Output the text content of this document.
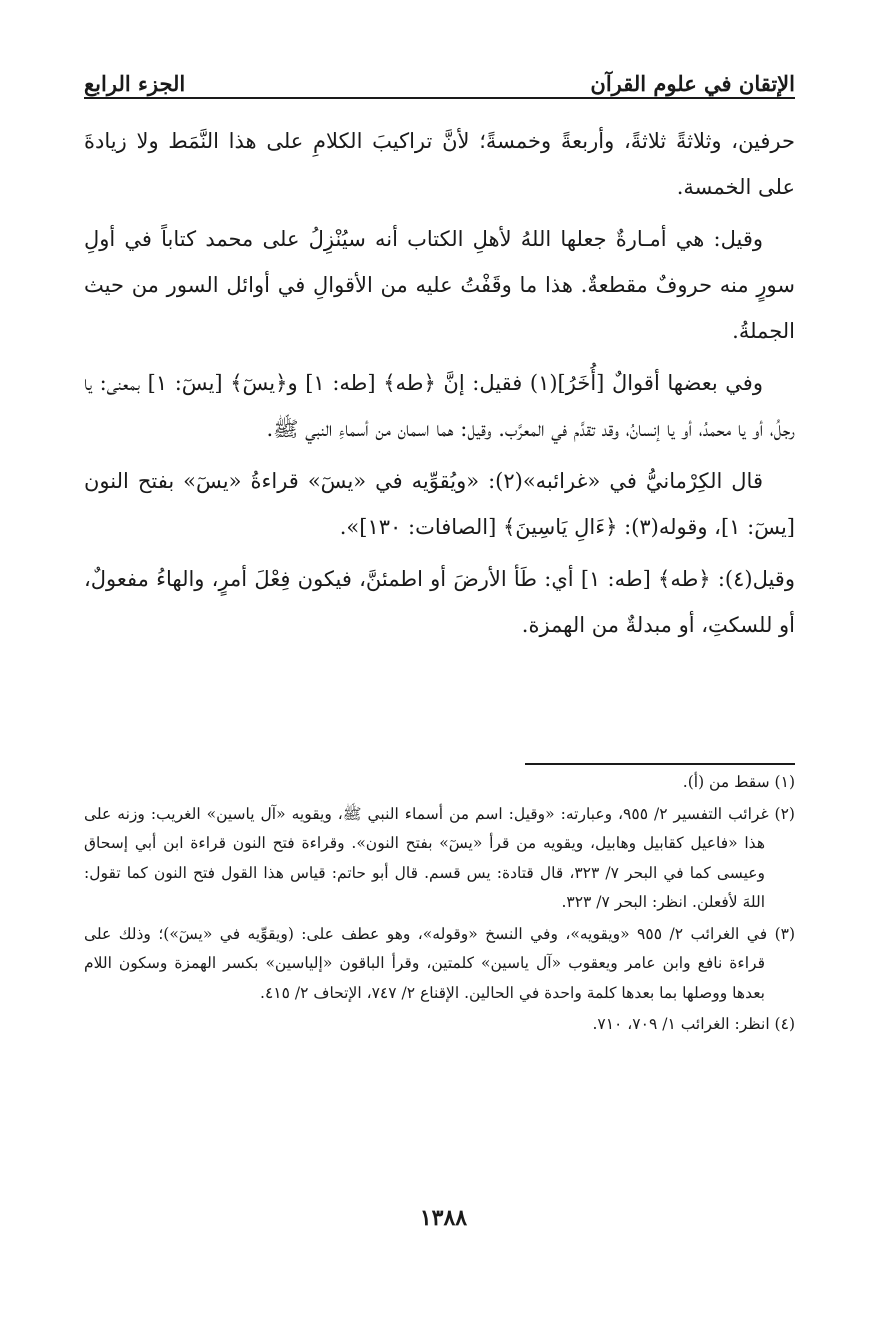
الإتقان في علوم القرآن
الجزء الرابع

حرفين، وثلاثةً ثلاثةً، وأربعةً وخمسةً؛ لأنَّ تراكيبَ الكلامِ على هذا النَّمَط ولا زيادةَ على الخمسة.

وقيل: هي أمـارةٌ جعلها اللهُ لأهلِ الكتاب أنه سيُنْزِلُ على محمد كتاباً في أولِ سورٍ منه حروفٌ مقطعةٌ. هذا ما وقَفْتُ عليه من الأقوالِ في أوائل السور من حيث الجملةُ.

وفي بعضها أقوالٌ [أُخَرُ](١) فقيل: إنَّ ﴿طه﴾ [طه: ١] و﴿يسٓ﴾ [يسٓ: ١] بمعنى: يا رجلُ، أو يا محمدُ، أو يا إنسانُ، وقد تقدَّم في المعرَّب. وقيل: هما اسمان من أسماءِ النبي ﷺ.

قال الكِرْمانيُّ في «غرائبه»(٢): «ويُقوِّيه في «يسٓ» قراءةُ «يسٓ» بفتح النون [يسٓ: ١]، وقوله(٣): ﴿ءَالِ يَاسِينَ﴾ [الصافات: ١٣٠]».

وقيل(٤): ﴿طه﴾ [طه: ١] أي: طَأ الأرضَ أو اطمئنَّ، فيكون فِعْلَ أمرٍ، والهاءُ مفعولٌ، أو للسكتِ، أو مبدلةٌ من الهمزة.

(١) سقط من (أ).

(٢) غرائب التفسير ٢/ ٩٥٥، وعبارته: «وقيل: اسم من أسماء النبي ﷺ، ويقويه «آل ياسين» الغريب: وزنه على هذا «فاعيل كقابيل وهابيل، ويقويه من قرأ «يسٓ» بفتح النون». وقراءة فتح النون قراءة ابن أبي إسحاق وعيسى كما في البحر ٧/ ٣٢٣، قال قتادة: يس قسم. قال أبو حاتم: قياس هذا القول فتح النون كما تقول: اللهَ لأفعلن. انظر: البحر ٧/ ٣٢٣.

(٣) في الغرائب ٢/ ٩٥٥ «ويقويه»، وفي النسخ «وقوله»، وهو عطف على: (ويقوِّيه في «يسٓ»)؛ وذلك على قراءة نافع وابن عامر ويعقوب «آل ياسين» كلمتين، وقرأ الباقون «إلياسين» بكسر الهمزة وسكون اللام بعدها ووصلها بما بعدها كلمة واحدة في الحالين. الإقناع ٢/ ٧٤٧، الإتحاف ٢/ ٤١٥.

(٤) انظر: الغرائب ١/ ٧٠٩، ٧١٠.

١٣٨٨
